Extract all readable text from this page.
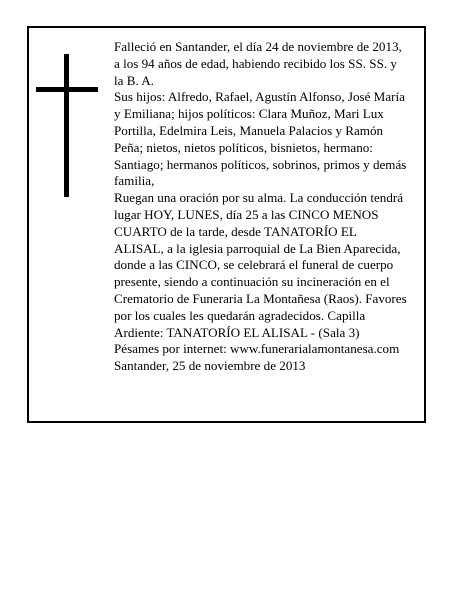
Falleció en Santander, el día 24 de noviembre de 2013,
a los 94 años de edad, habiendo recibido los SS. SS. y
la B. A.
Sus hijos: Alfredo, Rafael, Agustín Alfonso, José María
y Emiliana; hijos políticos: Clara Muñoz, Mari Lux
Portilla, Edelmira Leis, Manuela Palacios y Ramón
Peña; nietos, nietos políticos, bisnietos, hermano:
Santiago; hermanos políticos, sobrinos, primos y demás
familia,
Ruegan una oración por su alma. La conducción tendrá
lugar HOY, LUNES, día 25 a las CINCO MENOS
CUARTO de la tarde, desde TANATORÍO EL
ALISAL, a la iglesia parroquial de La Bien Aparecida,
donde a las CINCO, se celebrará el funeral de cuerpo
presente, siendo a continuación su incineración en el
Crematorio de Funeraria La Montañesa (Raos). Favores
por los cuales les quedarán agradecidos. Capilla
Ardiente: TANATORÍO EL ALISAL - (Sala 3)
Pésames por internet: www.funerarialamontanesa.com
Santander, 25 de noviembre de 2013
